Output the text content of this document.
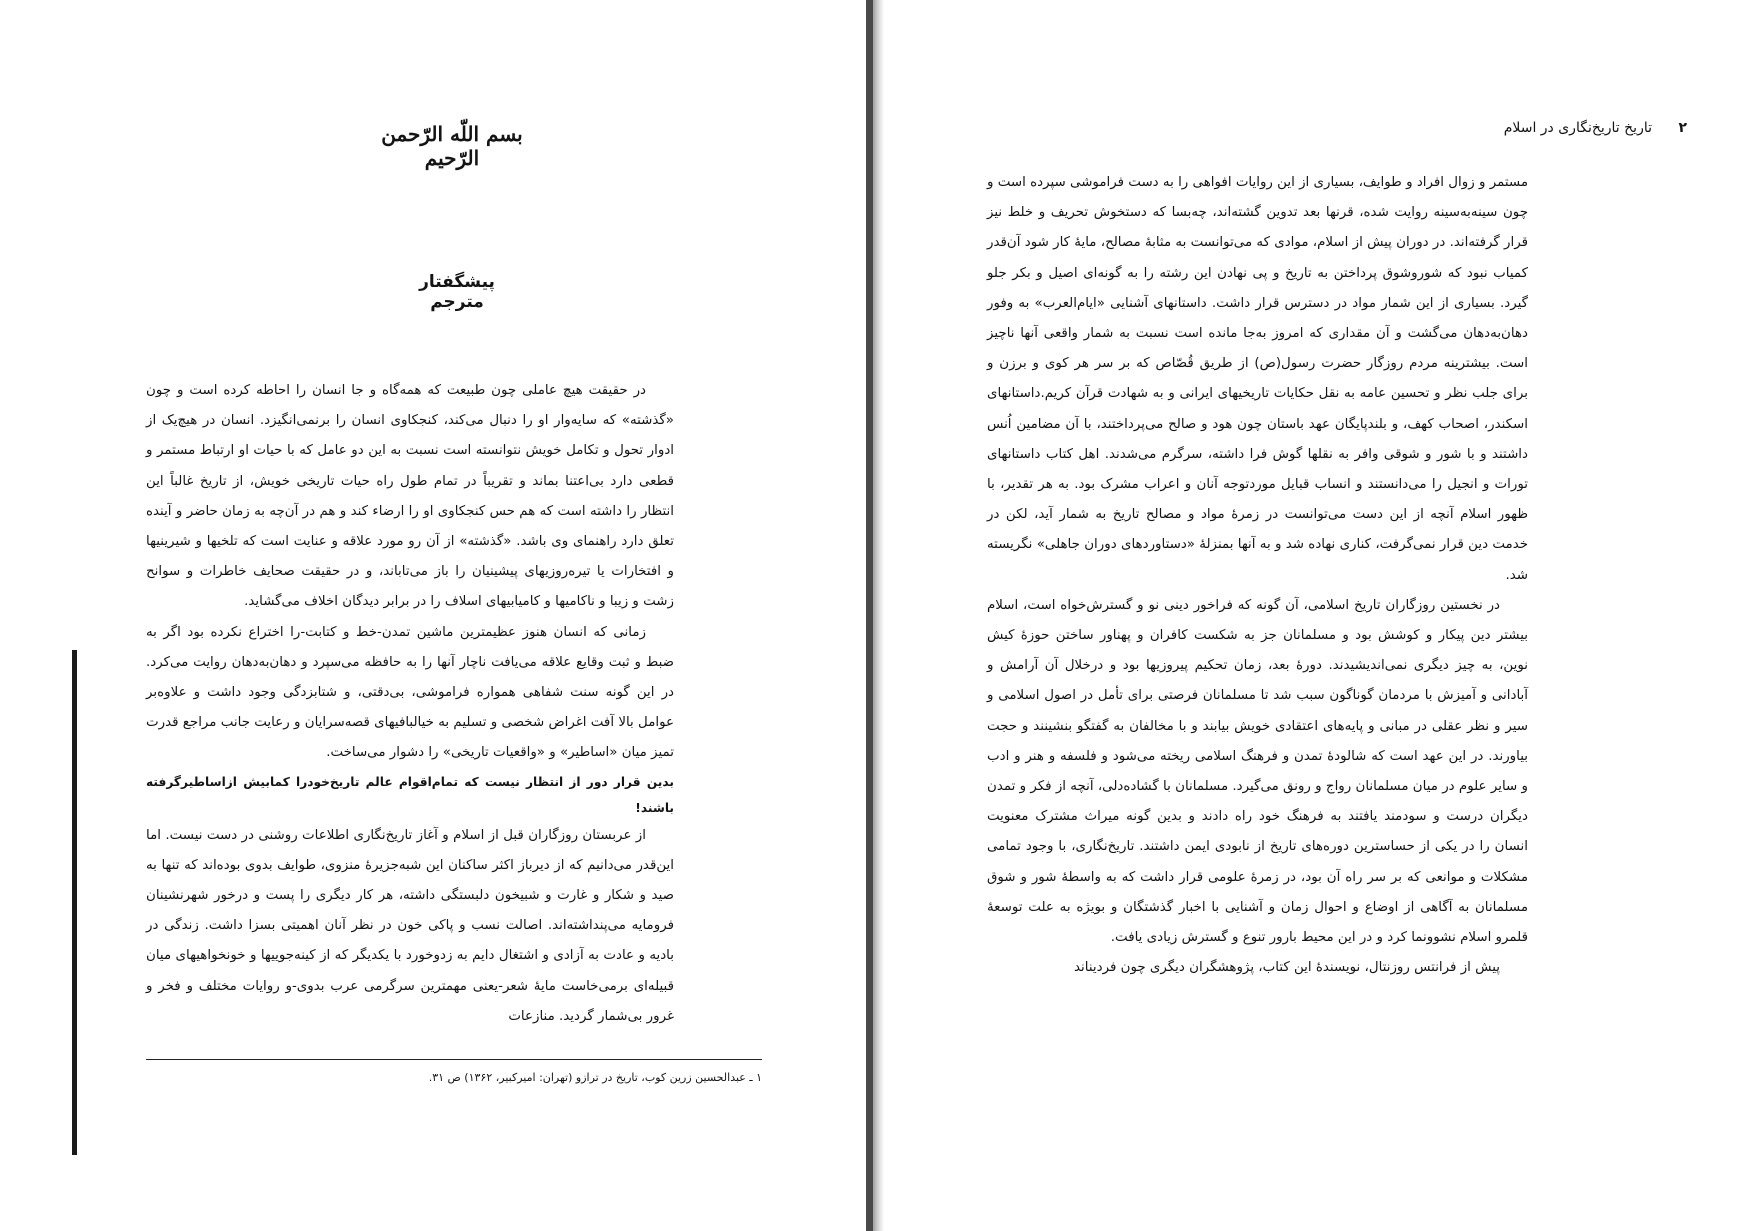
بسم اللّه الرّحمن الرّحیم
پیشگفتار مترجم

در حقیقت هیچ عاملی چون طبیعت که همه‌گاه و جا انسان را احاطه کرده است و چون «گذشته» که سایه‌وار او را دنبال می‌کند، کنجکاوی انسان را برنمی‌انگیزد. انسان در هیچ‌یک از ادوار تحول و تکامل خویش نتوانسته است نسبت به این دو عامل که با حیات او ارتباط مستمر و قطعی دارد بی‌اعتنا بماند و تقریباً در تمام طول راه حیات تاریخی خویش، از تاریخ غالباً این انتظار را داشته است که هم حس کنجکاوی او را ارضاء کند و هم در آن‌چه به زمان حاضر و آینده تعلق دارد راهنمای وی باشد. «گذشته» از آن رو مورد علاقه و عنایت است که تلخیها و شیرینیها و افتخارات یا تیره‌روزیهای پیشینیان را باز می‌تاباند، و در حقیقت صحایف خاطرات و سوانح زشت و زیبا و ناکامیها و کامیابیهای اسلاف را در برابر دیدگان اخلاف می‌گشاید.

زمانی که انسان هنوز عظیمترین ماشین تمدن-خط و کتابت-را اختراع نکرده بود اگر به ضبط و ثبت وقایع علاقه می‌یافت ناچار آنها را به حافظه می‌سپرد و دهان‌به‌دهان روایت می‌کرد. در این گونه سنت شفاهی همواره فراموشی، بی‌دقتی، و شتابزدگی وجود داشت و علاوه‌بر عوامل بالا آفت اغراض شخصی و تسلیم به خیالبافیهای قصه‌سرایان و رعایت جانب مراجع قدرت تمیز میان «اساطیر» و «واقعیات تاریخی» را دشوار می‌ساخت.

بدین قرار دور از انتظار نیست که تمام‌اقوام عالم تاریخ‌خودرا کمابیش ازاساطیرگرفته باشند!

از عربستان روزگاران قبل از اسلام و آغاز تاریخ‌نگاری اطلاعات روشنی در دست نیست. اما این‌قدر می‌دانیم که از دیرباز اکثر ساکنان این شبه‌جزیرهٔ منزوی، طوایف بدوی بوده‌اند که تنها به صید و شکار و غارت و شبیخون دلبستگی داشته، هر کار دیگری را پست و درخور شهرنشینان فرومایه می‌پنداشته‌اند. اصالت نسب و پاکی خون در نظر آنان اهمیتی بسزا داشت. زندگی در بادیه و عادت به آزادی و اشتغال دایم به زدوخورد با یکدیگر که از کینه‌جوییها و خونخواهیهای میان قبیله‌ای برمی‌خاست مایهٔ شعر-یعنی مهمترین سرگرمی عرب بدوی-و روایات مختلف و فخر و غرور بی‌شمار گردید. منازعات

۱ ـ عبدالحسین زرین کوب، تاریخ در ترازو (تهران: امیرکبیر، ۱۳۶۲) ص ۳۱.
۲ تاریخ تاریخ‌نگاری در اسلام

مستمر و زوال افراد و طوایف، بسیاری از این روایات افواهی را به دست فراموشی سپرده است و چون سینه‌به‌سینه روایت شده، قرنها بعد تدوین گشته‌اند، چه‌بسا که دستخوش تحریف و خلط نیز قرار گرفته‌اند. در دوران پیش از اسلام، موادی که می‌توانست به مثابهٔ مصالح، مایهٔ کار شود آن‌قدر کمیاب نبود که شوروشوق پرداختن به تاریخ و پی نهادن این رشته را به گونه‌ای اصیل و بکر جلو گیرد. بسیاری از این شمار مواد در دسترس قرار داشت. داستانهای آشنایی «ایام‌العرب» به وفور دهان‌به‌دهان می‌گشت و آن مقداری که امروز به‌جا مانده است نسبت به شمار واقعی آنها ناچیز است. بیشترینه مردم روزگار حضرت رسول(ص) از طریق قُصّاص که بر سر هر کوی و برزن و برای جلب نظر و تحسین عامه به نقل حکایات تاریخیهای ایرانی و به شهادت قرآن کریم.داستانهای اسکندر، اصحاب کهف، و بلندپایگان عهد باستان چون هود و صالح می‌پرداختند، با آن مضامین اُنس داشتند و با شور و شوقی وافر به نقلها گوش فرا داشته، سرگرم می‌شدند. اهل کتاب داستانهای تورات و انجیل را می‌دانستند و انساب قبایل موردتوجه آنان و اعراب مشرک بود. به هر تقدیر، با ظهور اسلام آنچه از این دست می‌توانست در زمرهٔ مواد و مصالح تاریخ به شمار آید، لکن در خدمت دین قرار نمی‌گرفت، کناری نهاده شد و به آنها بمنزلهٔ «دستاوردهای دوران جاهلی» نگریسته شد.

در نخستین روزگاران تاریخ اسلامی، آن گونه که فراخور دینی نو و گسترش‌خواه است، اسلام بیشتر دین پیکار و کوشش بود و مسلمانان جز به شکست کافران و پهناور ساختن حوزهٔ کیش نوین، به چیز دیگری نمی‌اندیشیدند. دورهٔ بعد، زمان تحکیم پیروزیها بود و درخلال آن آرامش و آبادانی و آمیزش با مردمان گوناگون سبب شد تا مسلمانان فرصتی برای تأمل در اصول اسلامی و سیر و نظر عقلی در مبانی و پایه‌های اعتقادی خویش بیابند و با مخالفان به گفتگو بنشینند و حجت بیاورند. در این عهد است که شالودهٔ تمدن و فرهنگ اسلامی ریخته می‌شود و فلسفه و هنر و ادب و سایر علوم در میان مسلمانان رواج و رونق می‌گیرد. مسلمانان با گشاده‌دلی، آنچه از فکر و تمدن دیگران درست و سودمند یافتند به فرهنگ خود راه دادند و بدین گونه میراث مشترک معنویت انسان را در یکی از حساسترین دوره‌های تاریخ از نابودی ایمن داشتند. تاریخ‌نگاری، با وجود تمامی مشکلات و موانعی که بر سر راه آن بود، در زمرهٔ علومی قرار داشت که به واسطهٔ شور و شوق مسلمانان به آگاهی از اوضاع و احوال زمان و آشنایی با اخبار گذشتگان و بویژه به علت توسعهٔ قلمرو اسلام نشوونما کرد و در این محیط بارور تنوع و گسترش زیادی یافت.

پیش از فرانتس روزنتال، نویسندهٔ این کتاب، پژوهشگران دیگری چون فردیناند
